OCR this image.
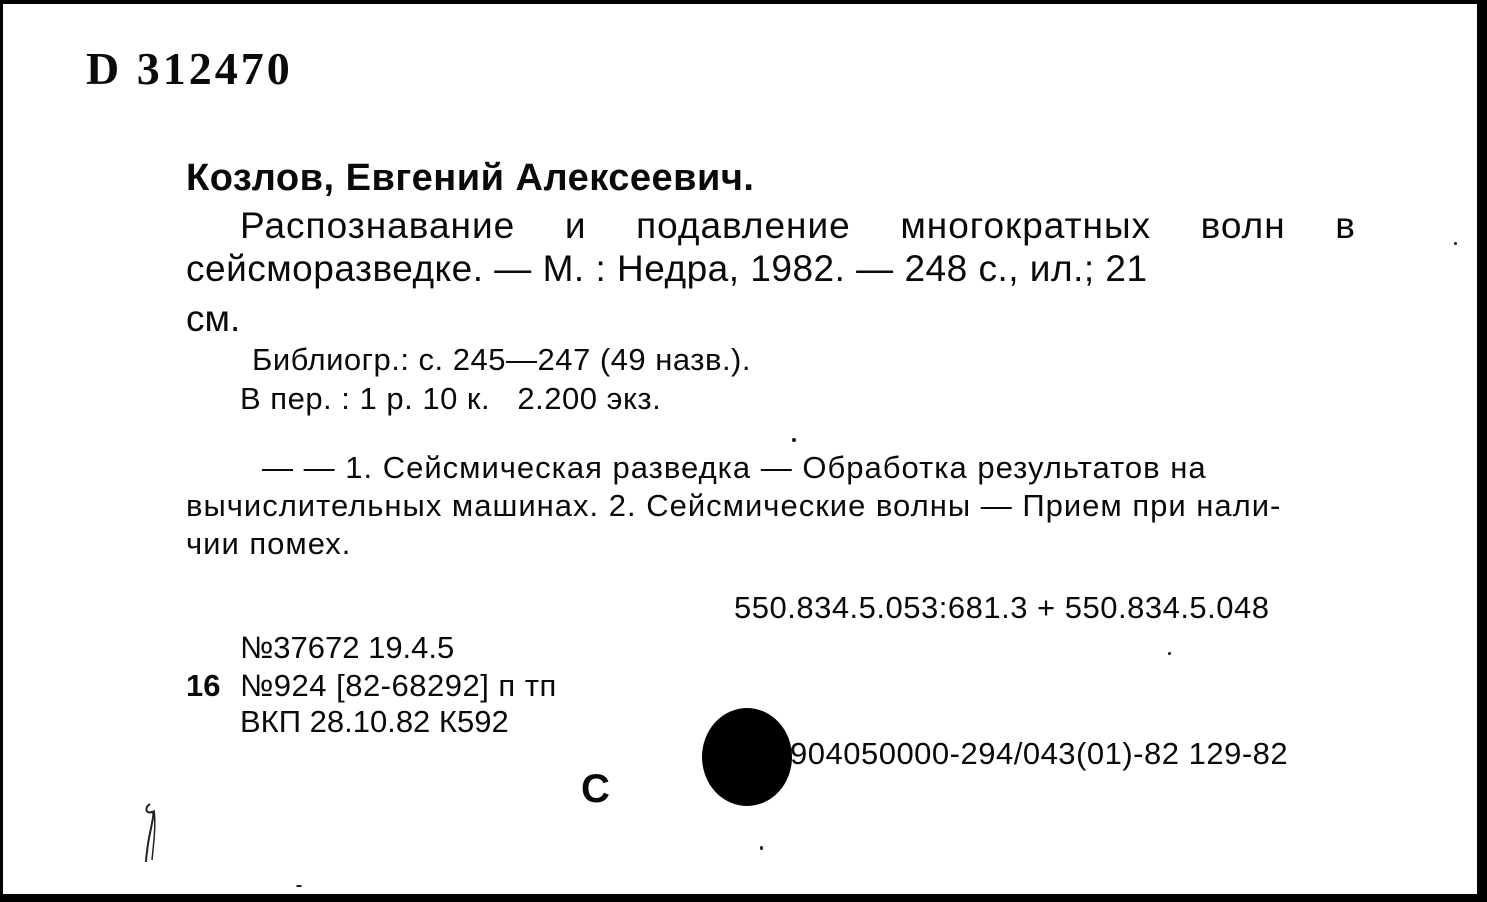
D 312470

Козлов, Евгений Алексеевич.

Распознавание и подавление многократных волн в

сейсморазведке. — М. : Недра, 1982. — 248 с., ил.; 21

см.

Библиогр.: с. 245—247 (49 назв.).

В пер. : 1 р. 10 к.   2.200 экз.

— — 1. Сейсмическая разведка — Обработка результатов на

вычислительных машинах. 2. Сейсмические волны — Прием при нали-

чии помех.

550.834.5.053:681.3 + 550.834.5.048

№37672 19.4.5

16 №924 [82-68292] п тп

ВКП 28.10.82 К592

904050000-294/043(01)-82 129-82

С
